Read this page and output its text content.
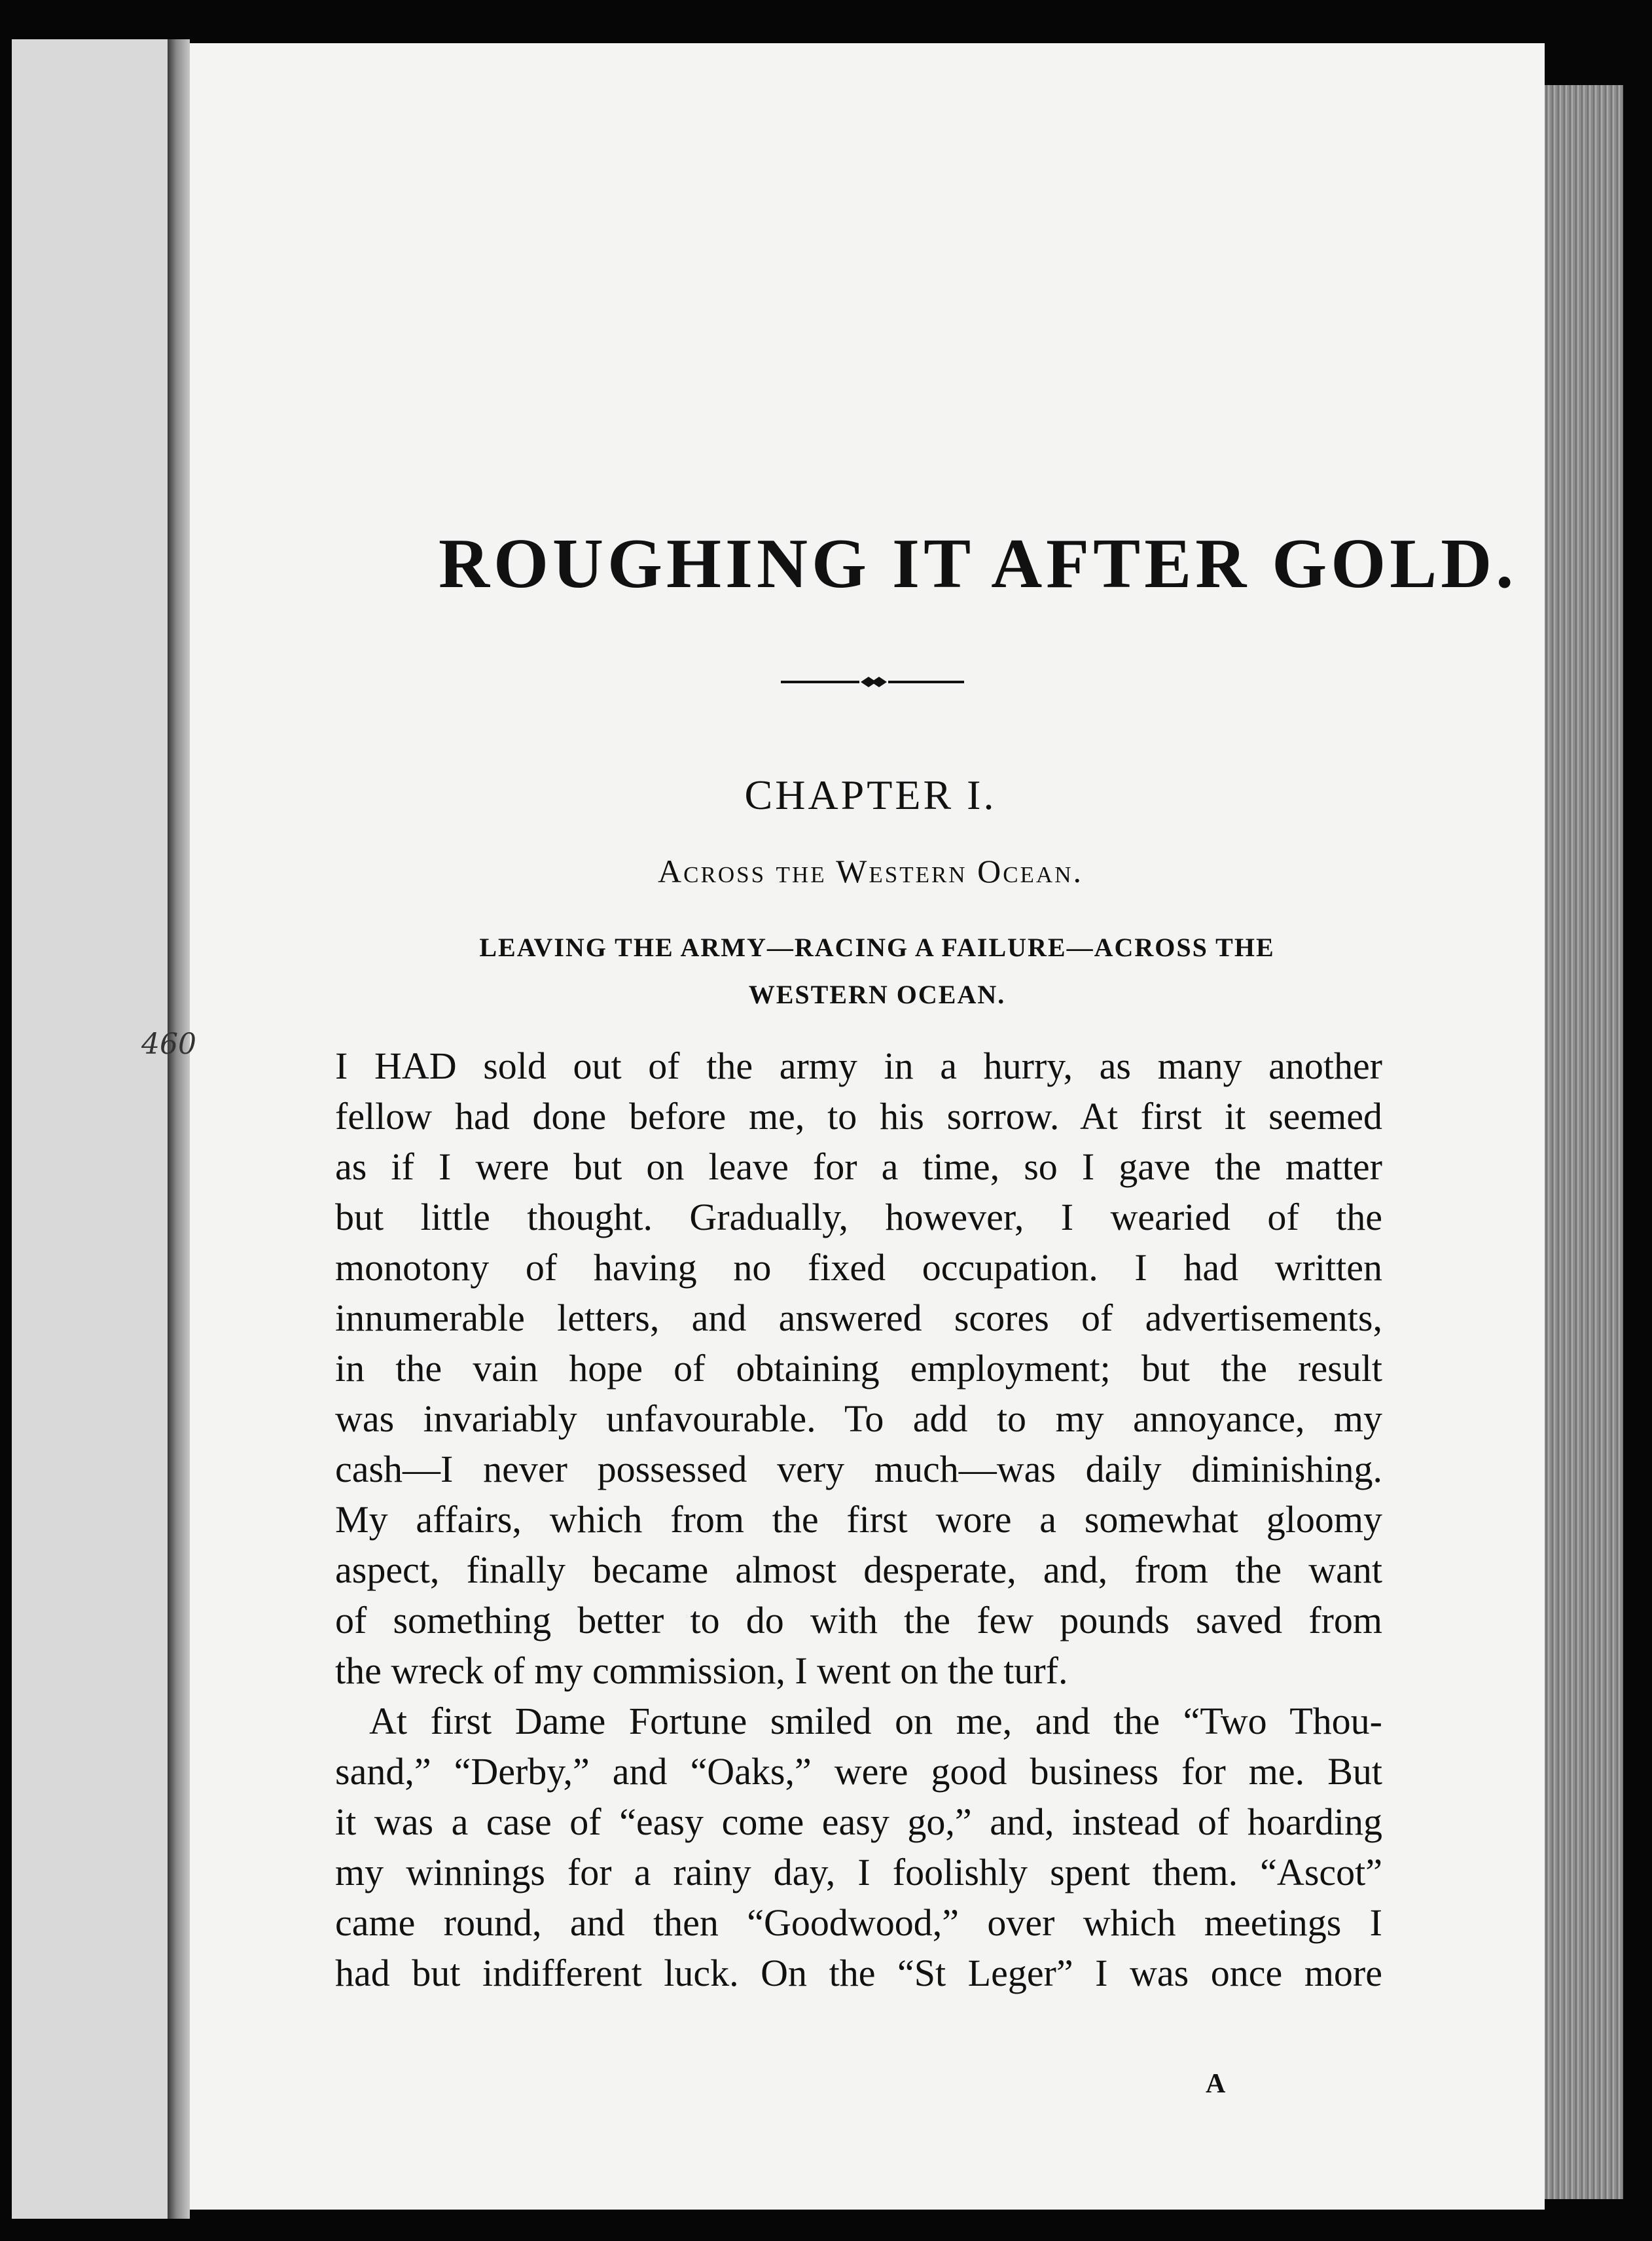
460
ROUGHING IT AFTER GOLD.
CHAPTER I.
Across the Western Ocean.
LEAVING THE ARMY—RACING A FAILURE—ACROSS THE
WESTERN OCEAN.
I HAD sold out of the army in a hurry, as many another
fellow had done before me, to his sorrow. At first it seemed
as if I were but on leave for a time, so I gave the matter
but little thought. Gradually, however, I wearied of the
monotony of having no fixed occupation. I had written
innumerable letters, and answered scores of advertisements,
in the vain hope of obtaining employment; but the result
was invariably unfavourable. To add to my annoyance, my
cash—I never possessed very much—was daily diminishing.
My affairs, which from the first wore a somewhat gloomy
aspect, finally became almost desperate, and, from the want
of something better to do with the few pounds saved from
the wreck of my commission, I went on the turf.
At first Dame Fortune smiled on me, and the “Two Thou-
sand,” “Derby,” and “Oaks,” were good business for me. But
it was a case of “easy come easy go,” and, instead of hoarding
my winnings for a rainy day, I foolishly spent them. “Ascot”
came round, and then “Goodwood,” over which meetings I
had but indifferent luck. On the “St Leger” I was once more
A
